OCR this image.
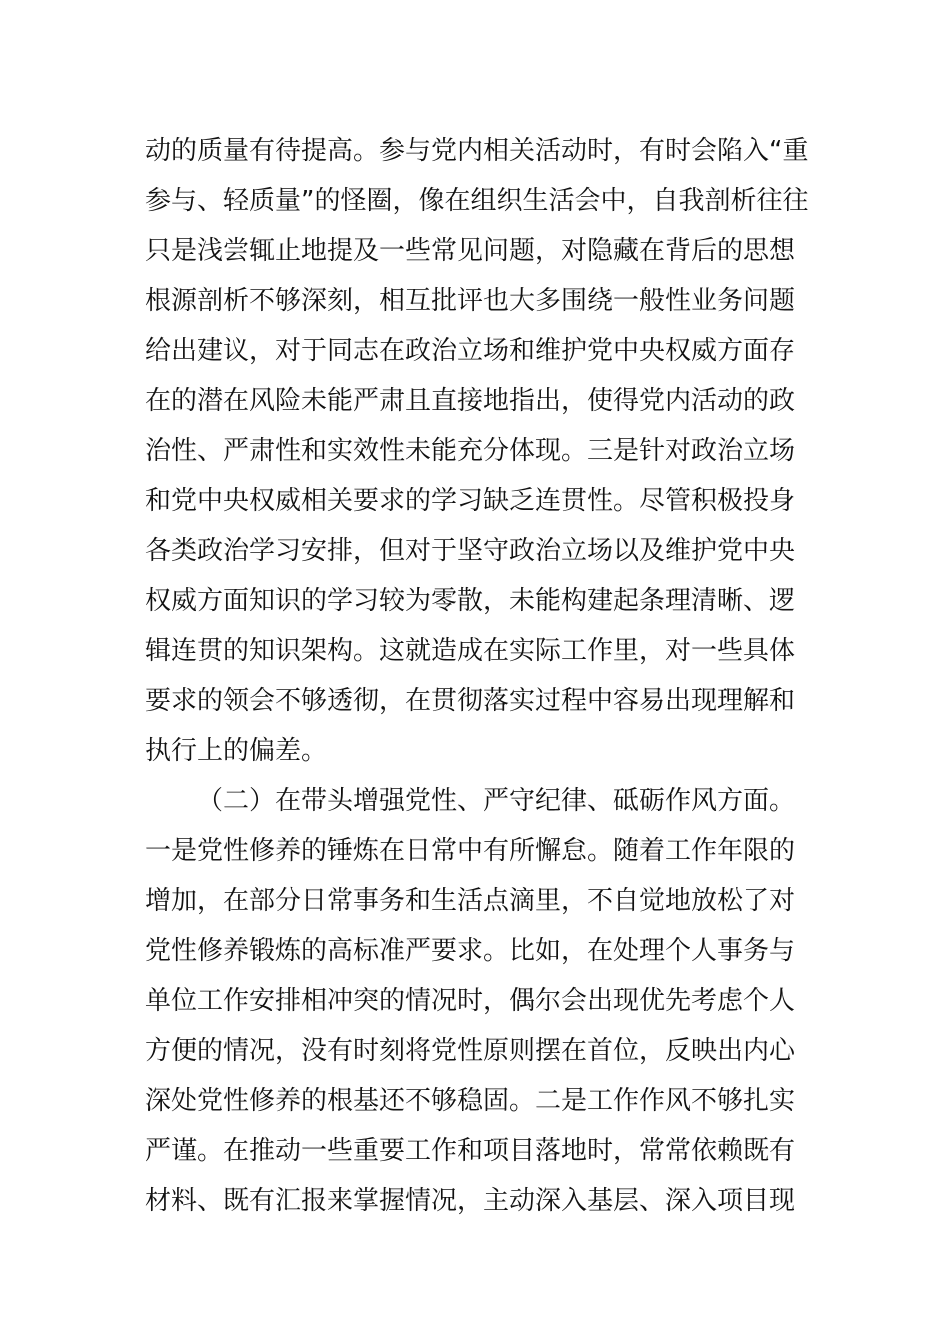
动的质量有待提高。参与党内相关活动时，有时会陷入“重
参与、轻质量”的怪圈，像在组织生活会中，自我剖析往往
只是浅尝辄止地提及一些常见问题，对隐藏在背后的思想
根源剖析不够深刻，相互批评也大多围绕一般性业务问题
给出建议，对于同志在政治立场和维护党中央权威方面存
在的潜在风险未能严肃且直接地指出，使得党内活动的政
治性、严肃性和实效性未能充分体现。三是针对政治立场
和党中央权威相关要求的学习缺乏连贯性。尽管积极投身
各类政治学习安排，但对于坚守政治立场以及维护党中央
权威方面知识的学习较为零散，未能构建起条理清晰、逻
辑连贯的知识架构。这就造成在实际工作里，对一些具体
要求的领会不够透彻，在贯彻落实过程中容易出现理解和
执行上的偏差。
（二）在带头增强党性、严守纪律、砥砺作风方面。
一是党性修养的锤炼在日常中有所懈怠。随着工作年限的
增加，在部分日常事务和生活点滴里，不自觉地放松了对
党性修养锻炼的高标准严要求。比如，在处理个人事务与
单位工作安排相冲突的情况时，偶尔会出现优先考虑个人
方便的情况，没有时刻将党性原则摆在首位，反映出内心
深处党性修养的根基还不够稳固。二是工作作风不够扎实
严谨。在推动一些重要工作和项目落地时，常常依赖既有
材料、既有汇报来掌握情况，主动深入基层、深入项目现
